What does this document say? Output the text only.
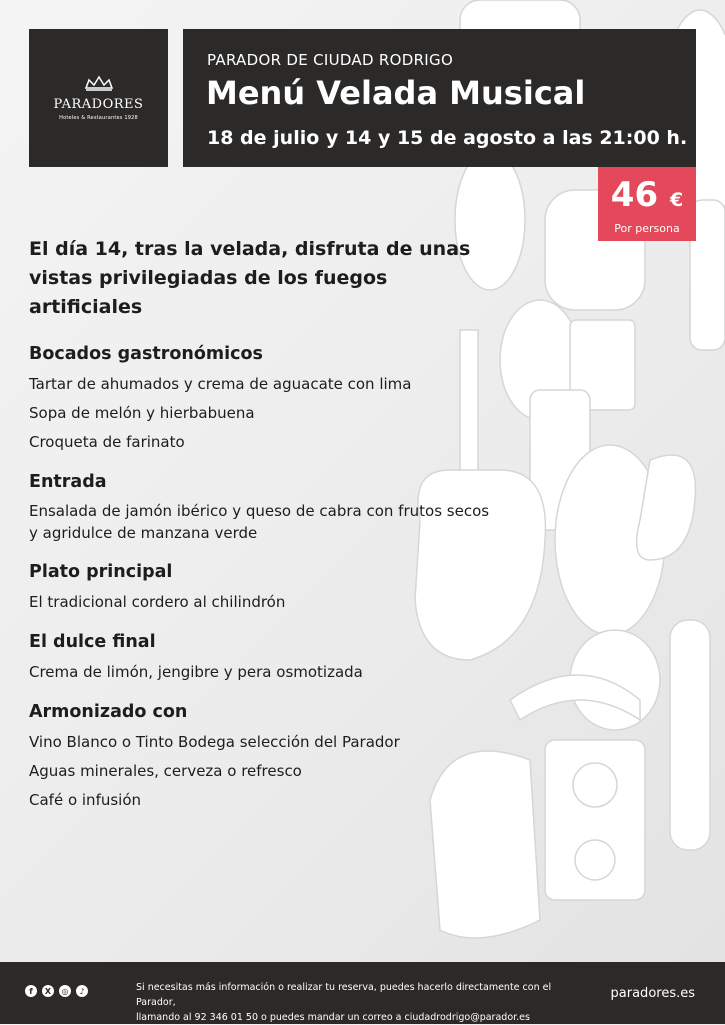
PARADORES
Hoteles & Restaurantes 1928
PARADOR DE CIUDAD RODRIGO
Menú Velada Musical
18 de julio y 14 y 15 de agosto a las 21:00 h.
46 €
Por persona

El día 14, tras la velada, disfruta de unas vistas privilegiadas de los fuegos artificiales

Bocados gastronómicos

Tartar de ahumados y crema de aguacate con lima

Sopa de melón y hierbabuena

Croqueta de farinato

Entrada

Ensalada de jamón ibérico y queso de cabra con frutos secos y agridulce de manzana verde

Plato principal

El tradicional cordero al chilindrón

El dulce final

Crema de limón, jengibre y pera osmotizada

Armonizado con

Vino Blanco o Tinto Bodega selección del Parador

Aguas minerales, cerveza o refresco

Café o infusión

f	X	◎	♪	Si necesitas más información o realizar tu reserva, puedes hacerlo directamente con el Parador,
llamando al 92 346 01 50 o puedes mandar un correo a ciudadrodrigo@parador.es
paradores.es
